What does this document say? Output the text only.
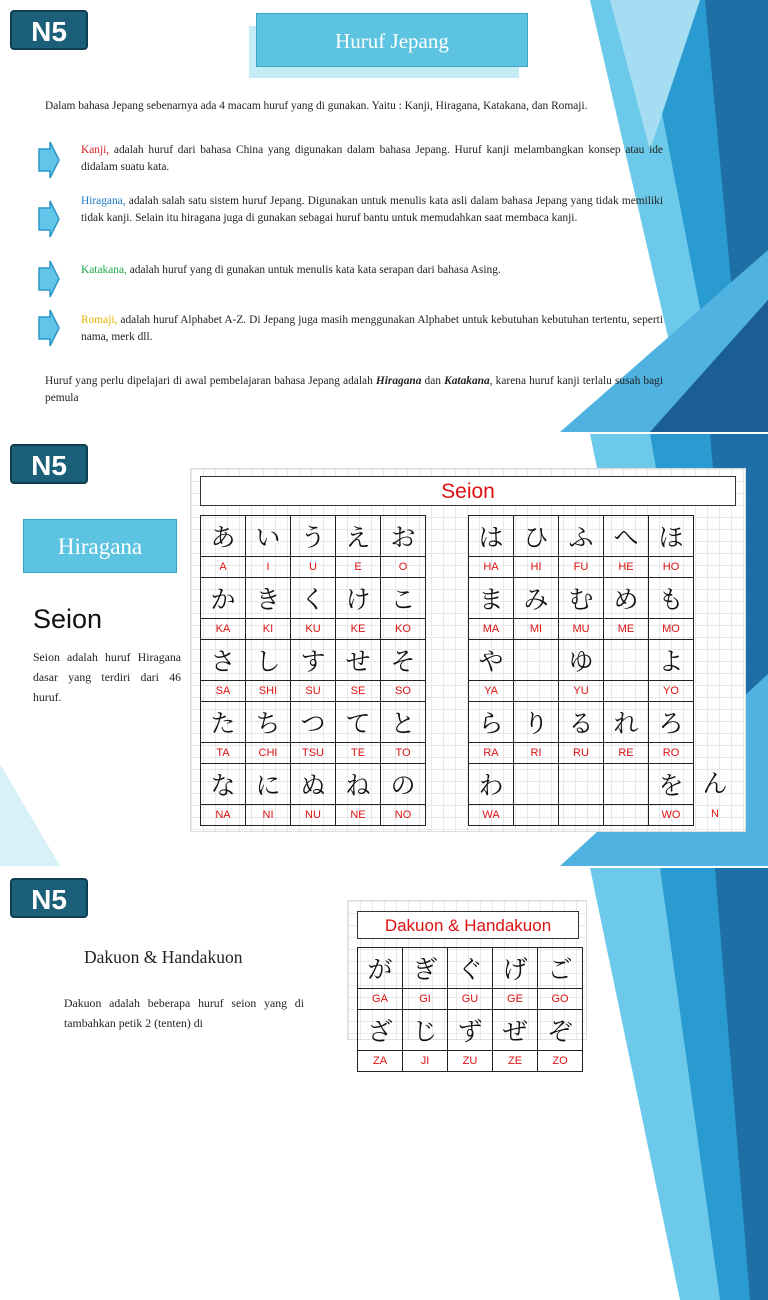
N5	Huruf Jepang
Dalam bahasa Jepang sebenarnya ada 4 macam huruf yang di gunakan. Yaitu : Kanji, Hiragana, Katakana, dan Romaji.
Kanji, adalah huruf dari bahasa China yang digunakan dalam bahasa Jepang. Huruf kanji melambangkan konsep atau ide didalam suatu kata.
Hiragana, adalah salah satu sistem huruf Jepang. Digunakan untuk menulis kata asli dalam bahasa Jepang yang tidak memiliki tidak kanji. Selain itu hiragana juga di gunakan sebagai huruf bantu untuk memudahkan saat membaca kanji.
Katakana, adalah huruf yang di gunakan untuk menulis kata kata serapan dari bahasa Asing.
Romaji, adalah huruf Alphabet A-Z. Di Jepang juga masih menggunakan Alphabet untuk kebutuhan kebutuhan tertentu, seperti nama, merk dll.
Huruf yang perlu dipelajari di awal pembelajaran bahasa Jepang adalah Hiragana dan Katakana, karena huruf kanji terlalu susah bagi pemula
N5
Hiragana
Seion
Seion adalah huruf Hiragana dasar yang terdiri dari 46 huruf.
Seion
あ	い	う	え	お
A	I	U	E	O
か	き	く	け	こ
KA	KI	KU	KE	KO
さ	し	す	せ	そ
SA	SHI	SU	SE	SO
た	ち	つ	て	と
TA	CHI	TSU	TE	TO
な	に	ぬ	ね	の
NA	NI	NU	NE	NO
は	ひ	ふ	へ	ほ
HA	HI	FU	HE	HO
ま	み	む	め	も
MA	MI	MU	ME	MO
や		ゆ		よ
YA		YU		YO
ら	り	る	れ	ろ
RA	RI	RU	RE	RO
わ				を
WA				WO
ん
N
N5
Dakuon & Handakuon
Dakuon adalah beberapa huruf seion yang di tambahkan petik 2 (tenten) di
Dakuon & Handakuon
が	ぎ	ぐ	げ	ご
GA	GI	GU	GE	GO
ざ	じ	ず	ぜ	ぞ
ZA	JI	ZU	ZE	ZO
